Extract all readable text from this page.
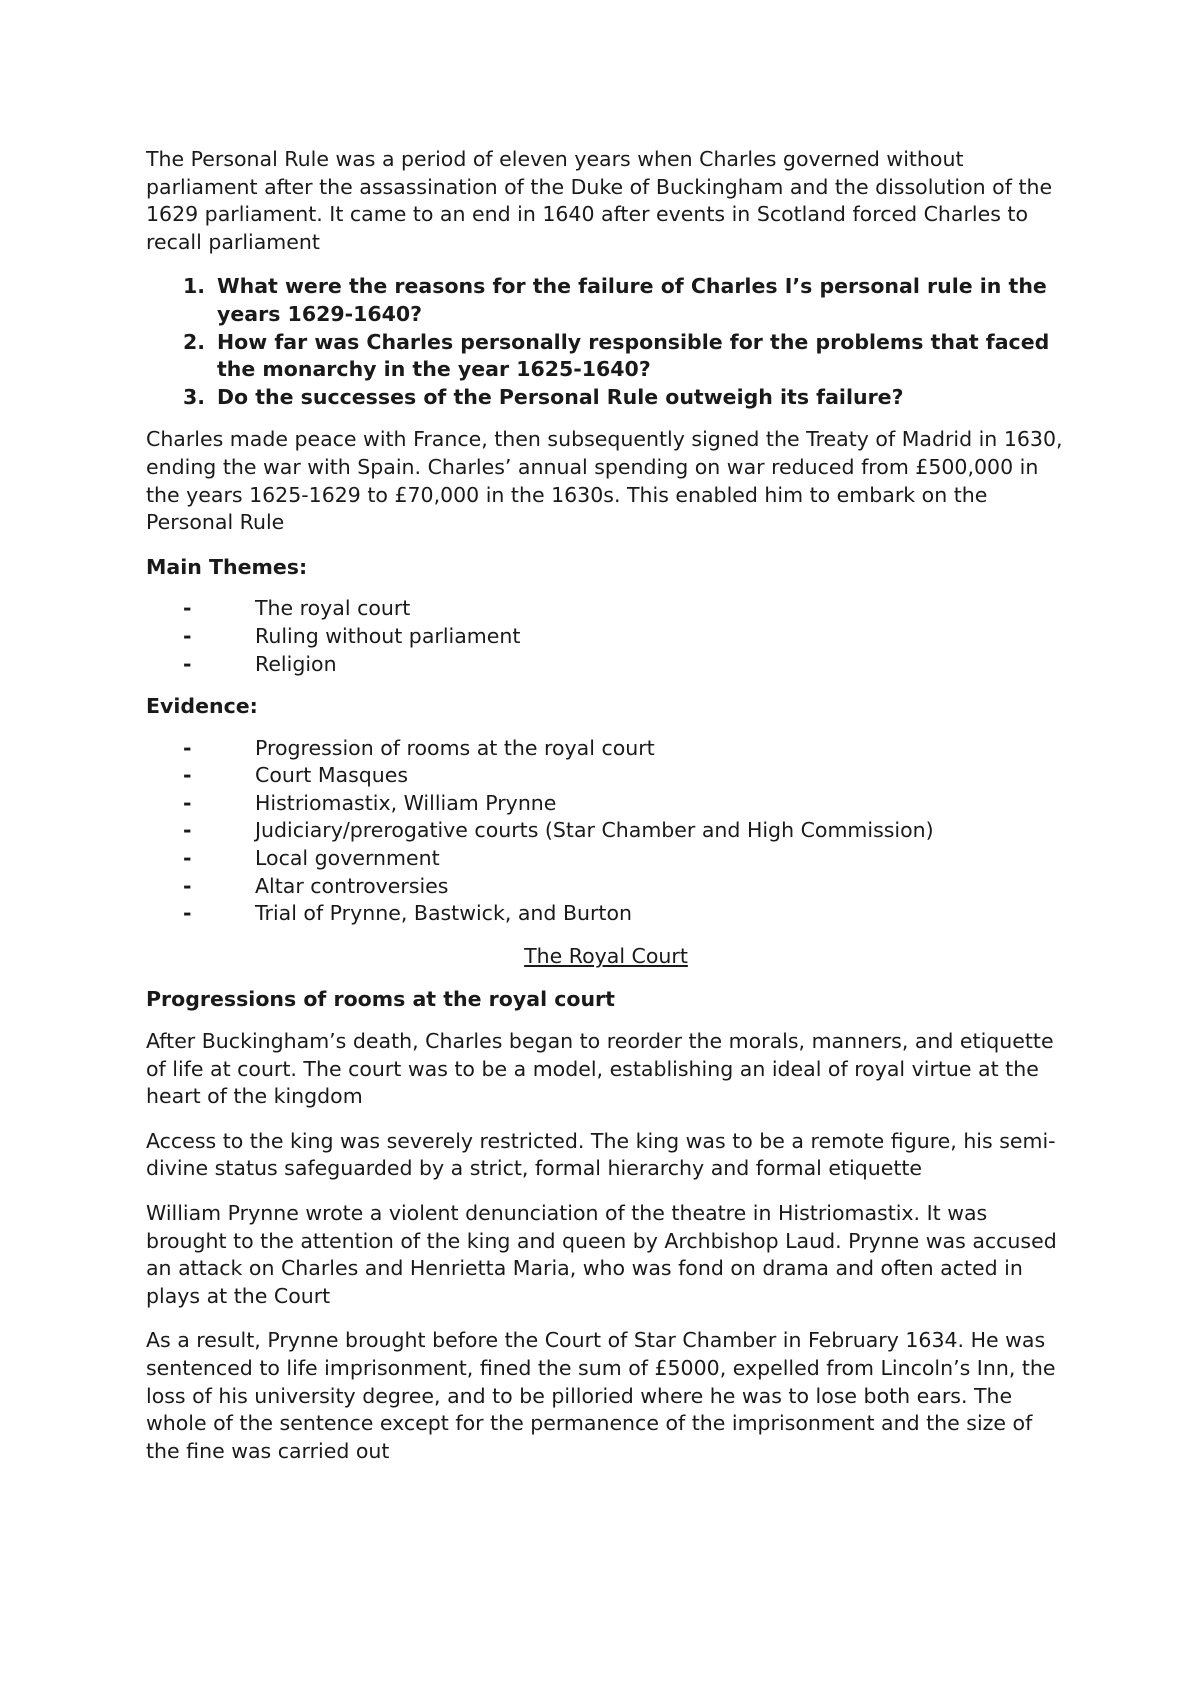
The Personal Rule was a period of eleven years when Charles governed without parliament after the assassination of the Duke of Buckingham and the dissolution of the 1629 parliament. It came to an end in 1640 after events in Scotland forced Charles to recall parliament

1. What were the reasons for the failure of Charles I’s personal rule in the years 1629-1640?
2. How far was Charles personally responsible for the problems that faced the monarchy in the year 1625-1640?
3. Do the successes of the Personal Rule outweigh its failure?

Charles made peace with France, then subsequently signed the Treaty of Madrid in 1630, ending the war with Spain. Charles’ annual spending on war reduced from £500,000 in the years 1625-1629 to £70,000 in the 1630s. This enabled him to embark on the Personal Rule

Main Themes:

-	The royal court
-	Ruling without parliament
-	Religion

Evidence:

-	Progression of rooms at the royal court
-	Court Masques
-	Histriomastix, William Prynne
-	Judiciary/prerogative courts (Star Chamber and High Commission)
-	Local government
-	Altar controversies
-	Trial of Prynne, Bastwick, and Burton

The Royal Court

Progressions of rooms at the royal court

After Buckingham’s death, Charles began to reorder the morals, manners, and etiquette of life at court. The court was to be a model, establishing an ideal of royal virtue at the heart of the kingdom

Access to the king was severely restricted. The king was to be a remote figure, his semi-divine status safeguarded by a strict, formal hierarchy and formal etiquette

William Prynne wrote a violent denunciation of the theatre in Histriomastix. It was brought to the attention of the king and queen by Archbishop Laud. Prynne was accused an attack on Charles and Henrietta Maria, who was fond on drama and often acted in plays at the Court

As a result, Prynne brought before the Court of Star Chamber in February 1634. He was sentenced to life imprisonment, fined the sum of £5000, expelled from Lincoln’s Inn, the loss of his university degree, and to be pilloried where he was to lose both ears. The whole of the sentence except for the permanence of the imprisonment and the size of the fine was carried out
